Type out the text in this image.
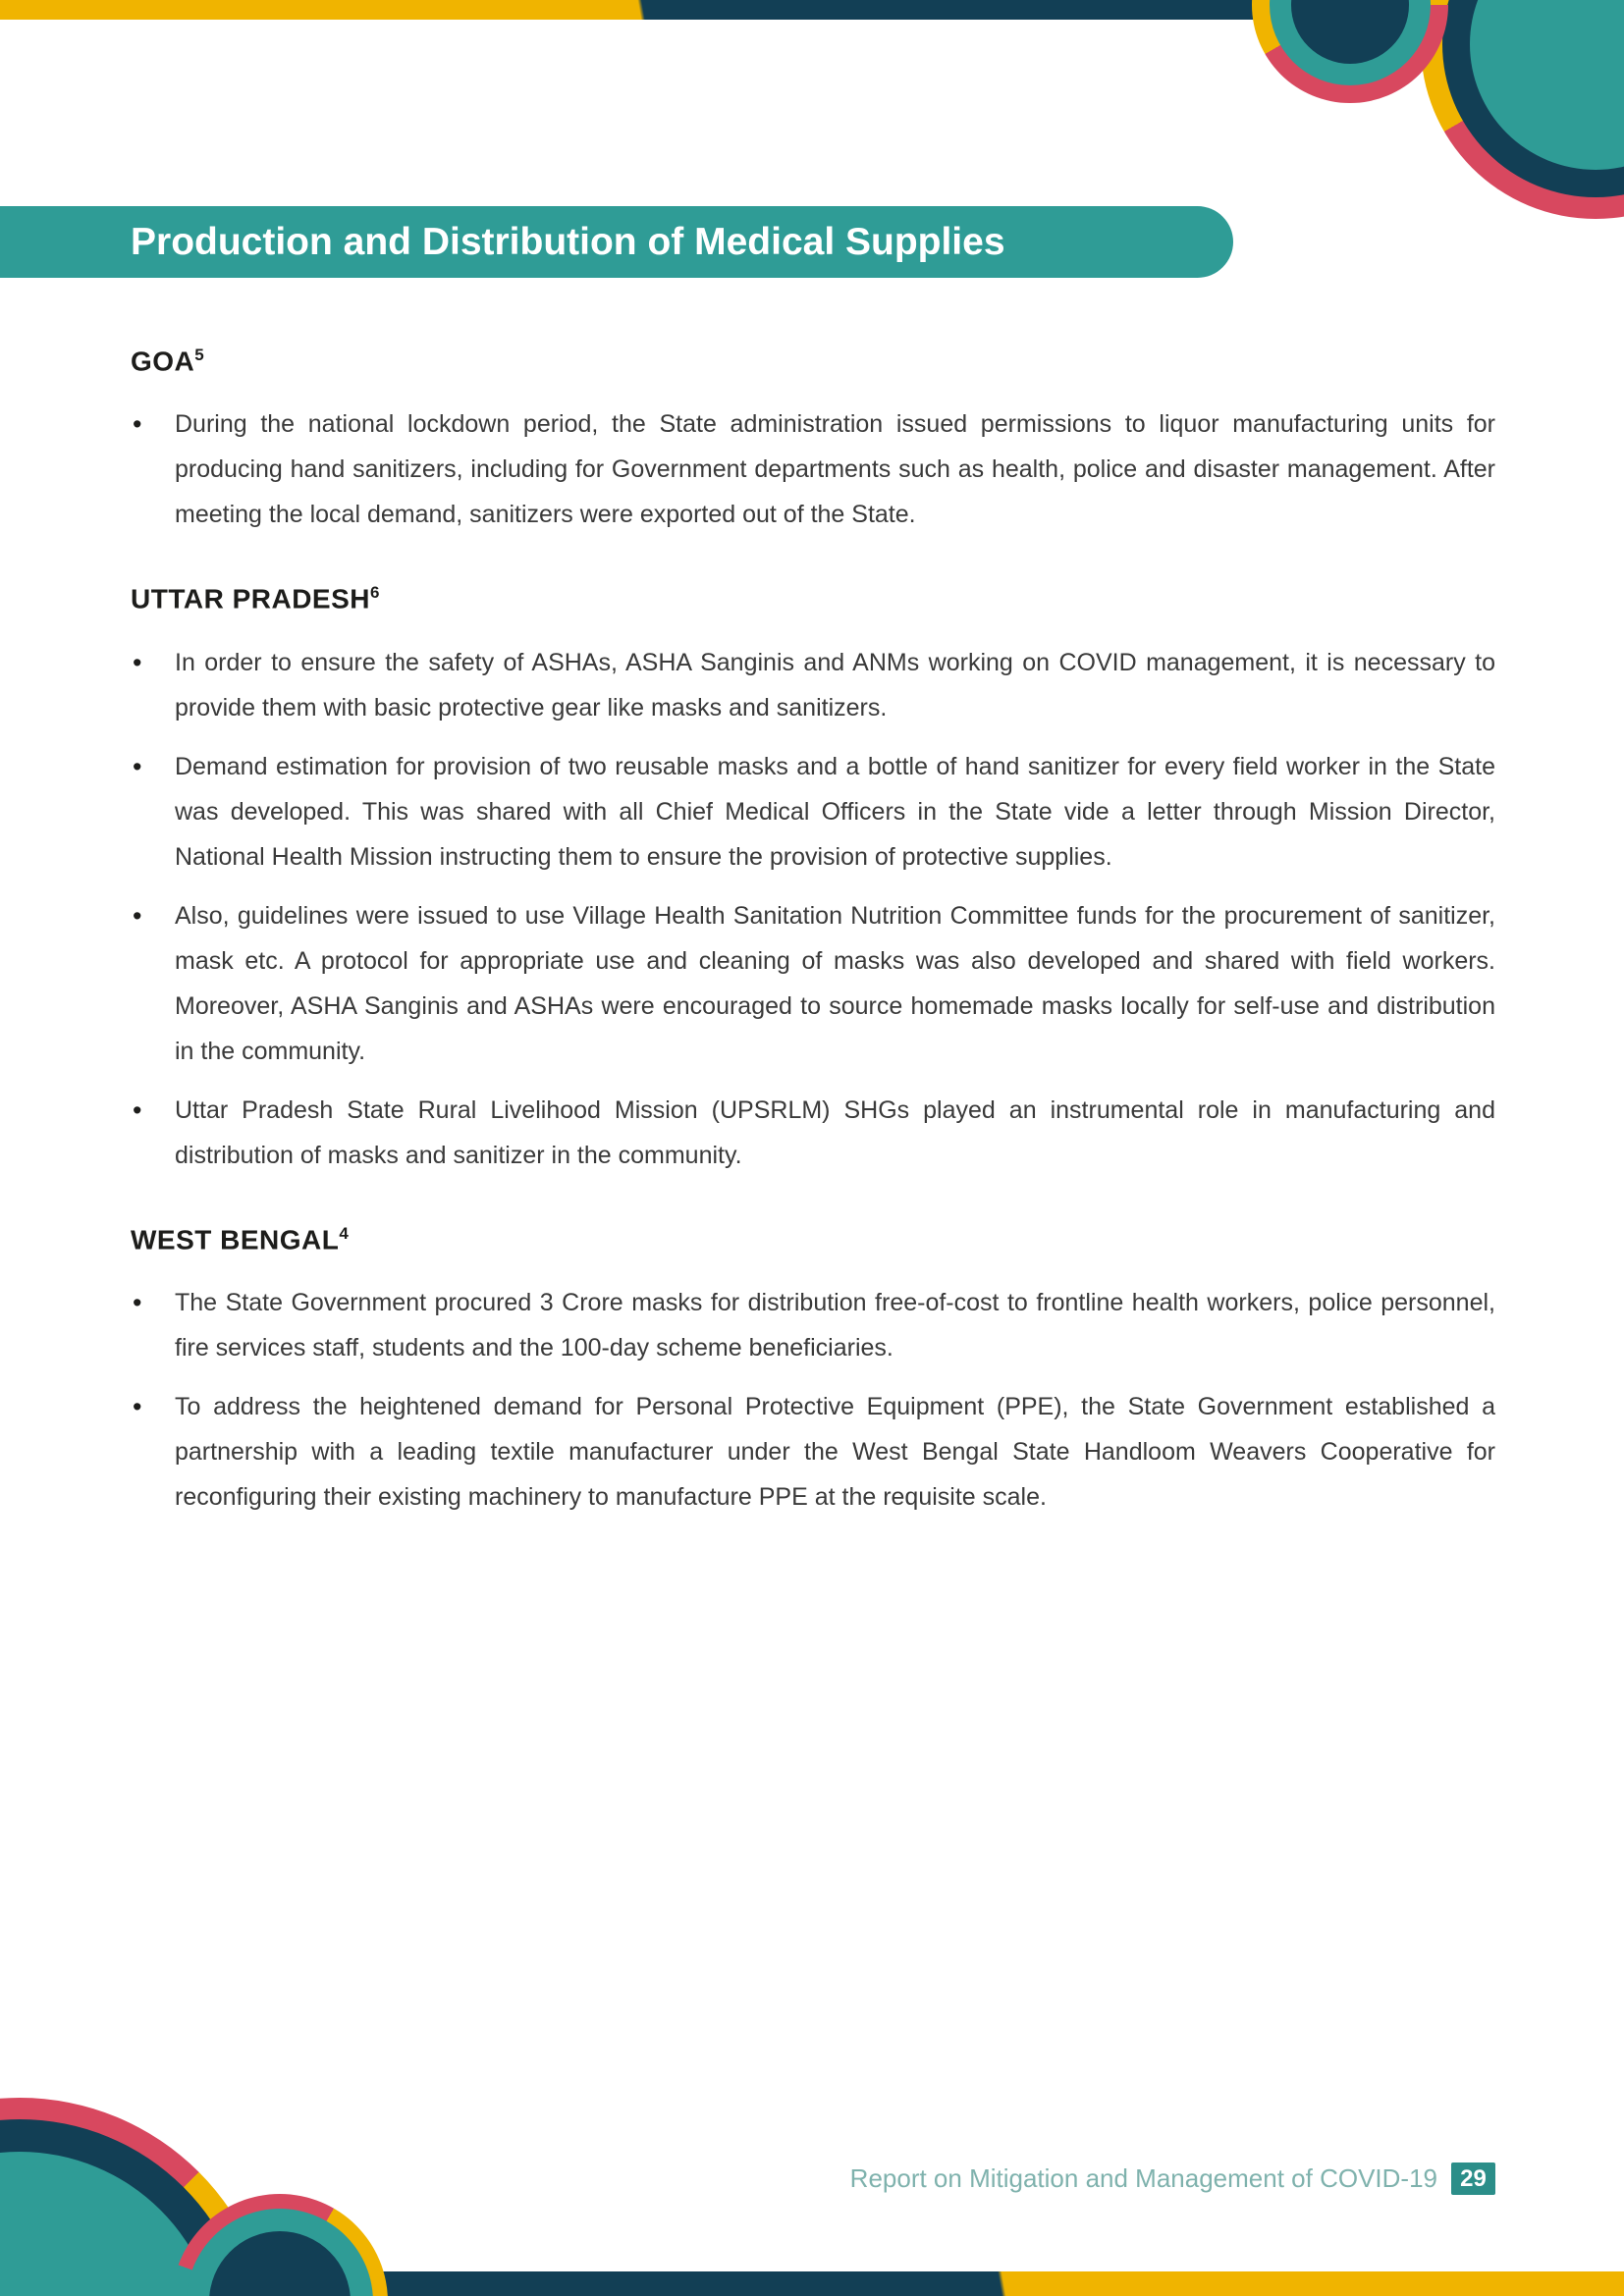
Production and Distribution of Medical Supplies
GOA$^5$
• During the national lockdown period, the State administration issued permissions to liquor manufacturing units for producing hand sanitizers, including for Government departments such as health, police and disaster management. After meeting the local demand, sanitizers were exported out of the State.
UTTAR PRADESH$^6$
• In order to ensure the safety of ASHAs, ASHA Sanginis and ANMs working on COVID management, it is necessary to provide them with basic protective gear like masks and sanitizers.
• Demand estimation for provision of two reusable masks and a bottle of hand sanitizer for every field worker in the State was developed. This was shared with all Chief Medical Officers in the State vide a letter through Mission Director, National Health Mission instructing them to ensure the provision of protective supplies.
• Also, guidelines were issued to use Village Health Sanitation Nutrition Committee funds for the procurement of sanitizer, mask etc. A protocol for appropriate use and cleaning of masks was also developed and shared with field workers. Moreover, ASHA Sanginis and ASHAs were encouraged to source homemade masks locally for self-use and distribution in the community.
• Uttar Pradesh State Rural Livelihood Mission (UPSRLM) SHGs played an instrumental role in manufacturing and distribution of masks and sanitizer in the community.
WEST BENGAL$^4$
• The State Government procured 3 Crore masks for distribution free-of-cost to frontline health workers, police personnel, fire services staff, students and the 100-day scheme beneficiaries.
• To address the heightened demand for Personal Protective Equipment (PPE), the State Government established a partnership with a leading textile manufacturer under the West Bengal State Handloom Weavers Cooperative for reconfiguring their existing machinery to manufacture PPE at the requisite scale.
Report on Mitigation and Management of COVID-19 29
